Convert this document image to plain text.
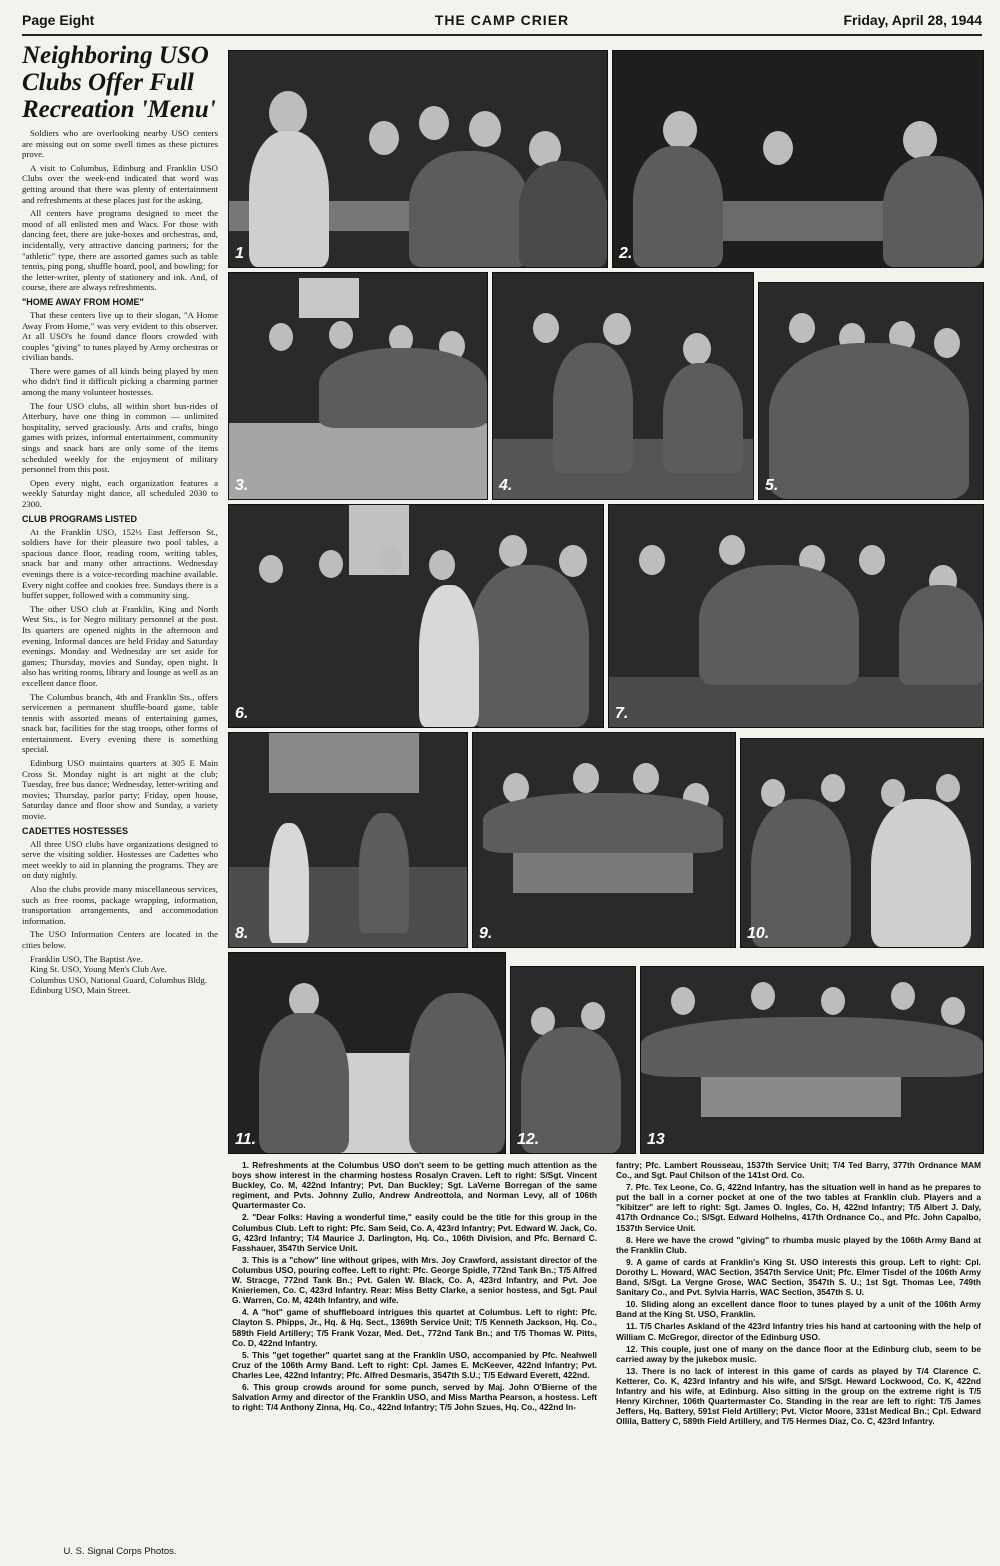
Page Eight	THE CAMP CRIER	Friday, April 28, 1944
Neighboring USO Clubs Offer Full Recreation 'Menu'

Soldiers who are overlooking nearby USO centers are missing out on some swell times as these pictures prove.

A visit to Columbus, Edinburg and Franklin USO Clubs over the week-end indicated that word was getting around that there was plenty of entertainment and refreshments at these places just for the asking.

All centers have programs designed to meet the mood of all enlisted men and Wacs. For those with dancing feet, there are juke-boxes and orchestras, and, incidentally, very attractive dancing partners; for the "athletic" type, there are assorted games such as table tennis, ping pong, shuffle board, pool, and bowling; for the letter-writer, plenty of stationery and ink. And, of course, there are always refreshments.

"HOME AWAY FROM HOME"

That these centers live up to their slogan, "A Home Away From Home," was very evident to this observer. At all USO's he found dance floors crowded with couples "giving" to tunes played by Army orchestras or civilian bands.

There were games of all kinds being played by men who didn't find it difficult picking a charming partner among the many volunteer hostesses.

The four USO clubs, all within short bus-rides of Atterbury, have one thing in common — unlimited hospitality, served graciously. Arts and crafts, bingo games with prizes, informal entertainment, community sings and snack bars are only some of the items scheduled weekly for the enjoyment of military personnel from this post.

Open every night, each organization features a weekly Saturday night dance, all scheduled 2030 to 2300.

CLUB PROGRAMS LISTED

At the Franklin USO, 152½ East Jefferson St., soldiers have for their pleasure two pool tables, a spacious dance floor, reading room, writing tables, snack bar and many other attractions. Wednesday evenings there is a voice-recording machine available. Every night coffee and cookies free. Sundays there is a buffet supper, followed with a community sing.

The other USO club at Franklin, King and North West Sts., is for Negro military personnel at the post. Its quarters are opened nights in the afternoon and evening. Informal dances are held Friday and Saturday evenings. Monday and Wednesday are set aside for games; Thursday, movies and Sunday, open night. It also has writing rooms, library and lounge as well as an excellent dance floor.

The Columbus branch, 4th and Franklin Sts., offers servicemen a permanent shuffle-board game, table tennis with assorted means of entertaining games, snack bar, facilities for the stag troops, other forms of entertainment. Every evening there is something special.

Edinburg USO maintains quarters at 305 E Main Cross St. Monday night is art night at the club; Tuesday, free bus dance; Wednesday, letter-writing and movies; Thursday, parlor party; Friday, open house, Saturday dance and floor show and Sunday, a variety movie.

CADETTES HOSTESSES

All three USO clubs have organizations designed to serve the visiting soldier. Hostesses are Cadettes who meet weekly to aid in planning the programs. They are on duty nightly.

Also the clubs provide many miscellaneous services, such as free rooms, package wrapping, information, transportation arrangements, and accommodation information.

The USO Information Centers are located in the cities below.

Franklin USO, The Baptist Ave.

King St. USO, Young Men's Club Ave.

Columbus USO, National Guard, Columbus Bldg.

Edinburg USO, Main Street.

U. S. Signal Corps Photos.
1	2.
3.	4.	5.
6.	7.
8.	9.	10.
11.	12.	13

1. Refreshments at the Columbus USO don't seem to be getting much attention as the boys show interest in the charming hostess Rosalyn Craven. Left to right: S/Sgt. Vincent Buckley, Co. M, 422nd Infantry; Pvt. Dan Buckley; Sgt. LaVerne Borregan of the same regiment, and Pvts. Johnny Zullo, Andrew Andreottola, and Norman Levy, all of 106th Quartermaster Co.

2. "Dear Folks: Having a wonderful time," easily could be the title for this group in the Columbus Club. Left to right: Pfc. Sam Seid, Co. A, 423rd Infantry; Pvt. Edward W. Jack, Co. G, 423rd Infantry; T/4 Maurice J. Darlington, Hq. Co., 106th Division, and Pfc. Bernard C. Fasshauer, 3547th Service Unit.

3. This is a "chow" line without gripes, with Mrs. Joy Crawford, assistant director of the Columbus USO, pouring coffee. Left to right: Pfc. George Spidle, 772nd Tank Bn.; T/5 Alfred W. Stracge, 772nd Tank Bn.; Pvt. Galen W. Black, Co. A, 423rd Infantry, and Pvt. Joe Knieriemen, Co. C, 423rd Infantry. Rear: Miss Betty Clarke, a senior hostess, and Sgt. Paul G. Warren, Co. M, 424th Infantry, and wife.

4. A "hot" game of shuffleboard intrigues this quartet at Columbus. Left to right: Pfc. Clayton S. Phipps, Jr., Hq. & Hq. Sect., 1369th Service Unit; T/5 Kenneth Jackson, Hq. Co., 589th Field Artillery; T/5 Frank Vozar, Med. Det., 772nd Tank Bn.; and T/5 Thomas W. Pitts, Co. D, 422nd Infantry.

5. This "get together" quartet sang at the Franklin USO, accompanied by Pfc. Neahwell Cruz of the 106th Army Band. Left to right: Cpl. James E. McKeever, 422nd Infantry; Pvt. Charles Lee, 422nd Infantry; Pfc. Alfred Desmaris, 3547th S.U.; T/5 Edward Everett, 422nd.

6. This group crowds around for some punch, served by Maj. John O'Bierne of the Salvation Army and director of the Franklin USO, and Miss Martha Pearson, a hostess. Left to right: T/4 Anthony Zinna, Hq. Co., 422nd Infantry; T/5 John Szues, Hq. Co., 422nd In-

fantry; Pfc. Lambert Rousseau, 1537th Service Unit; T/4 Ted Barry, 377th Ordnance MAM Co., and Sgt. Paul Chilson of the 141st Ord. Co.

7. Pfc. Tex Leone, Co. G, 422nd Infantry, has the situation well in hand as he prepares to put the ball in a corner pocket at one of the two tables at Franklin club. Players and a "kibitzer" are left to right: Sgt. James O. Ingles, Co. H, 422nd Infantry; T/5 Albert J. Daly, 417th Ordnance Co.; S/Sgt. Edward Holhelns, 417th Ordnance Co., and Pfc. John Capalbo, 1537th Service Unit.

8. Here we have the crowd "giving" to rhumba music played by the 106th Army Band at the Franklin Club.

9. A game of cards at Franklin's King St. USO interests this group. Left to right: Cpl. Dorothy L. Howard, WAC Section, 3547th Service Unit; Pfc. Elmer Tisdel of the 106th Army Band, S/Sgt. La Vergne Grose, WAC Section, 3547th S. U.; 1st Sgt. Thomas Lee, 749th Sanitary Co., and Pvt. Sylvia Harris, WAC Section, 3547th S. U.

10. Sliding along an excellent dance floor to tunes played by a unit of the 106th Army Band at the King St. USO, Franklin.

11. T/5 Charles Askland of the 423rd Infantry tries his hand at cartooning with the help of William C. McGregor, director of the Edinburg USO.

12. This couple, just one of many on the dance floor at the Edinburg club, seem to be carried away by the jukebox music.

13. There is no lack of interest in this game of cards as played by T/4 Clarence C. Ketterer, Co. K, 423rd Infantry and his wife, and S/Sgt. Heward Lockwood, Co. K, 422nd Infantry and his wife, at Edinburg. Also sitting in the group on the extreme right is T/5 Henry Kirchner, 106th Quartermaster Co. Standing in the rear are left to right: T/5 James Jeffers, Hq. Battery, 591st Field Artillery; Pvt. Victor Moore, 331st Medical Bn.; Cpl. Edward Ollila, Battery C, 589th Field Artillery, and T/5 Hermes Diaz, Co. C, 423rd Infantry.
